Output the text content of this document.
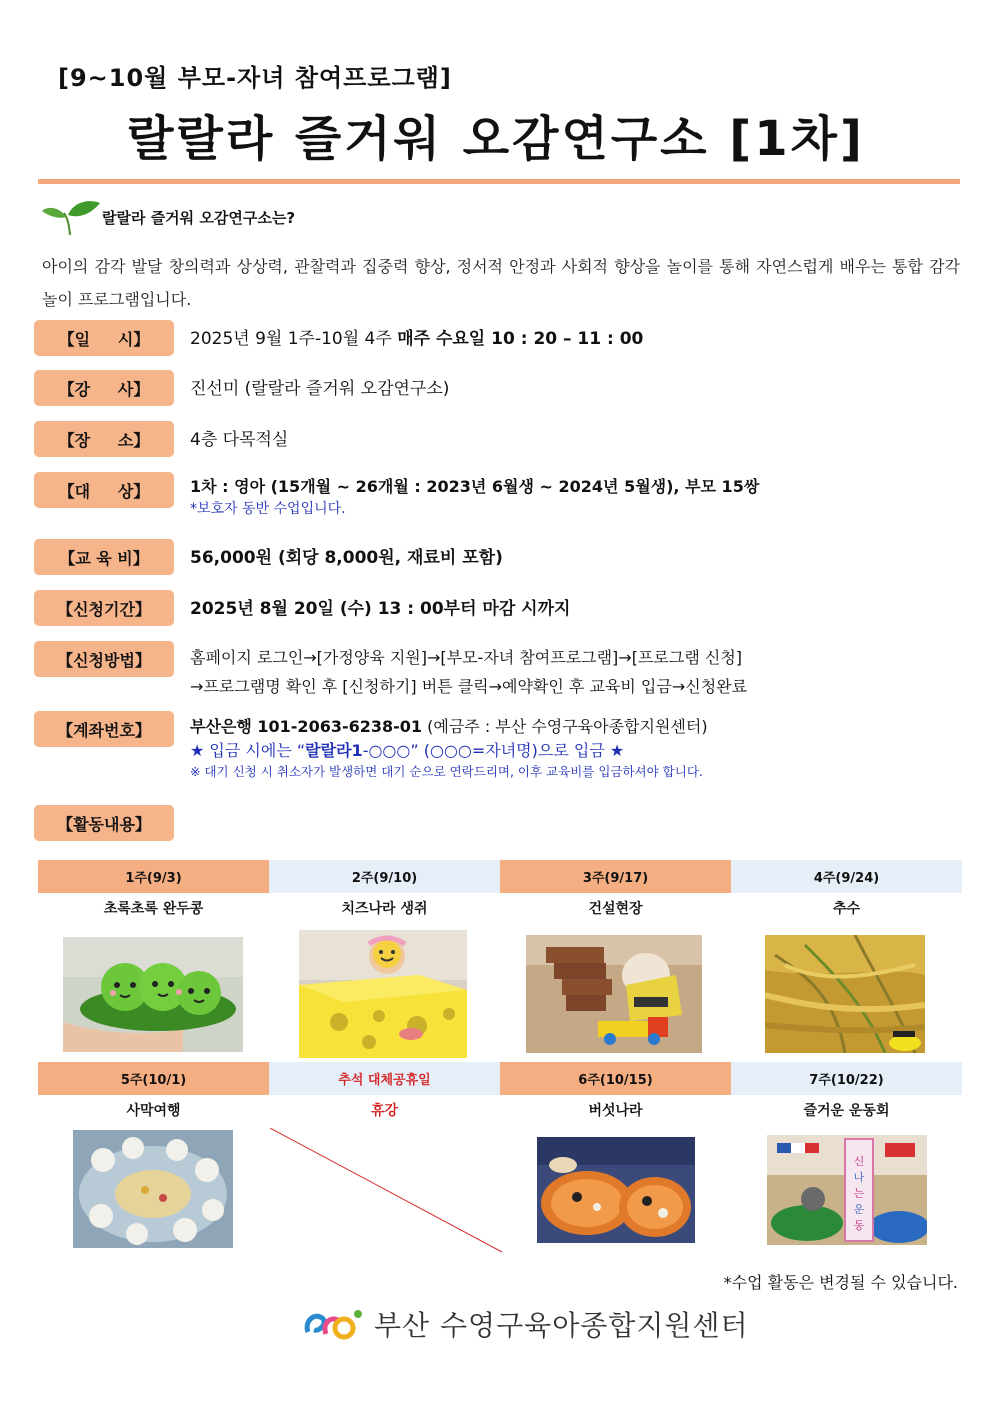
[9~10월 부모-자녀 참여프로그램]
랄랄라 즐거워 오감연구소 [1차]
랄랄라 즐거워 오감연구소는?
아이의 감각 발달 창의력과 상상력, 관찰력과 집중력 향상, 정서적 안정과 사회적 향상을 놀이를 통해 자연스럽게 배우는 통합 감각 놀이 프로그램입니다.
【일     시】 2025년 9월 1주-10월 4주 매주 수요일 10 : 20 – 11 : 00
【강     사】 진선미 (랄랄라 즐거워 오감연구소)
【장     소】 4층 다목적실
【대     상】	1차 : 영아 (15개월 ~ 26개월 : 2023년 6월생 ~ 2024년 5월생), 부모 15쌍
*보호자 동반 수업입니다.
【교 육 비】 56,000원 (회당 8,000원, 재료비 포함)
【신청기간】 2025년 8월 20일 (수) 13 : 00부터 마감 시까지
【신청방법】 홈페이지 로그인→[가정양육 지원]→[부모-자녀 참여프로그램]→[프로그램 신청]
→프로그램명 확인 후 [신청하기] 버튼 클릭→예약확인 후 교육비 입금→신청완료
【계좌번호】 부산은행 101-2063-6238-01 (예금주 : 부산 수영구육아종합지원센터)
★ 입금 시에는 “랄랄라1-○○○” (○○○=자녀명)으로 입금 ★
※ 대기 신청 시 취소자가 발생하면 대기 순으로 연락드리며, 이후 교육비를 입금하셔야 합니다.
【활동내용】
1주(9/3)	2주(9/10)	3주(9/17)	4주(9/24)
초록초록 완두콩	치즈나라 생쥐	건설현장	추수
5주(10/1)	추석 대체공휴일	6주(10/15)	7주(10/22)
사막여행	휴강	버섯나라	즐거운 운동회
신
나
는
운
동
*수업 활동은 변경될 수 있습니다.
부산 수영구육아종합지원센터
